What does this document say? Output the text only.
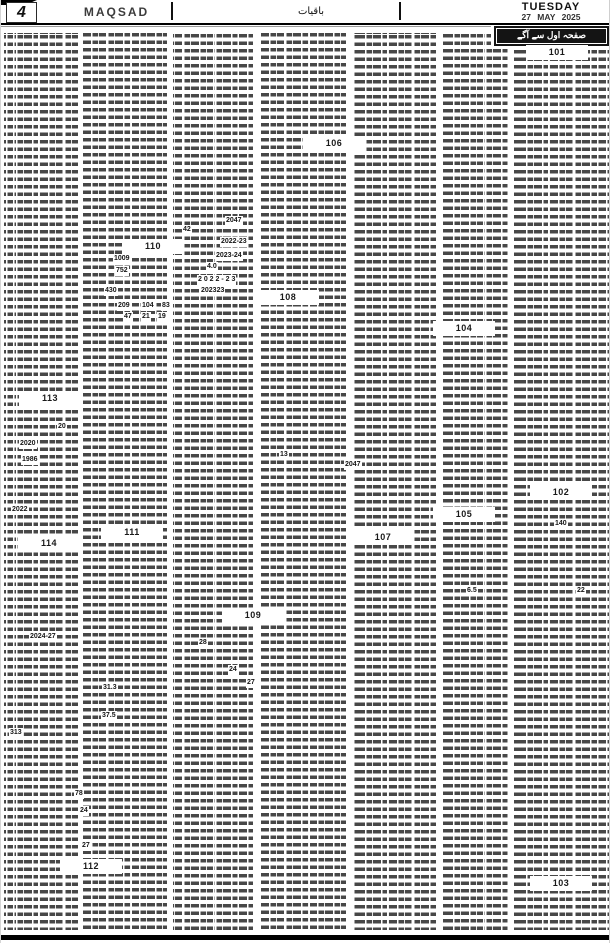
4	MAQSAD	باقیات	TUESDAY
27 MAY 2025
صفحہ اول سے آگے
101
102
103
104
105
106
107
108
109
110
111
112
113
114
2020
1986
2022
20
2024-27
313
1009
752
430
209 104 83
47 21 19
31.3
37.5
78
24
27
42
2047
2022-23
2023-24
4.0
2 0 2 2 - 2 3
202323
28
24
27
13
2047
6.5
140
22
